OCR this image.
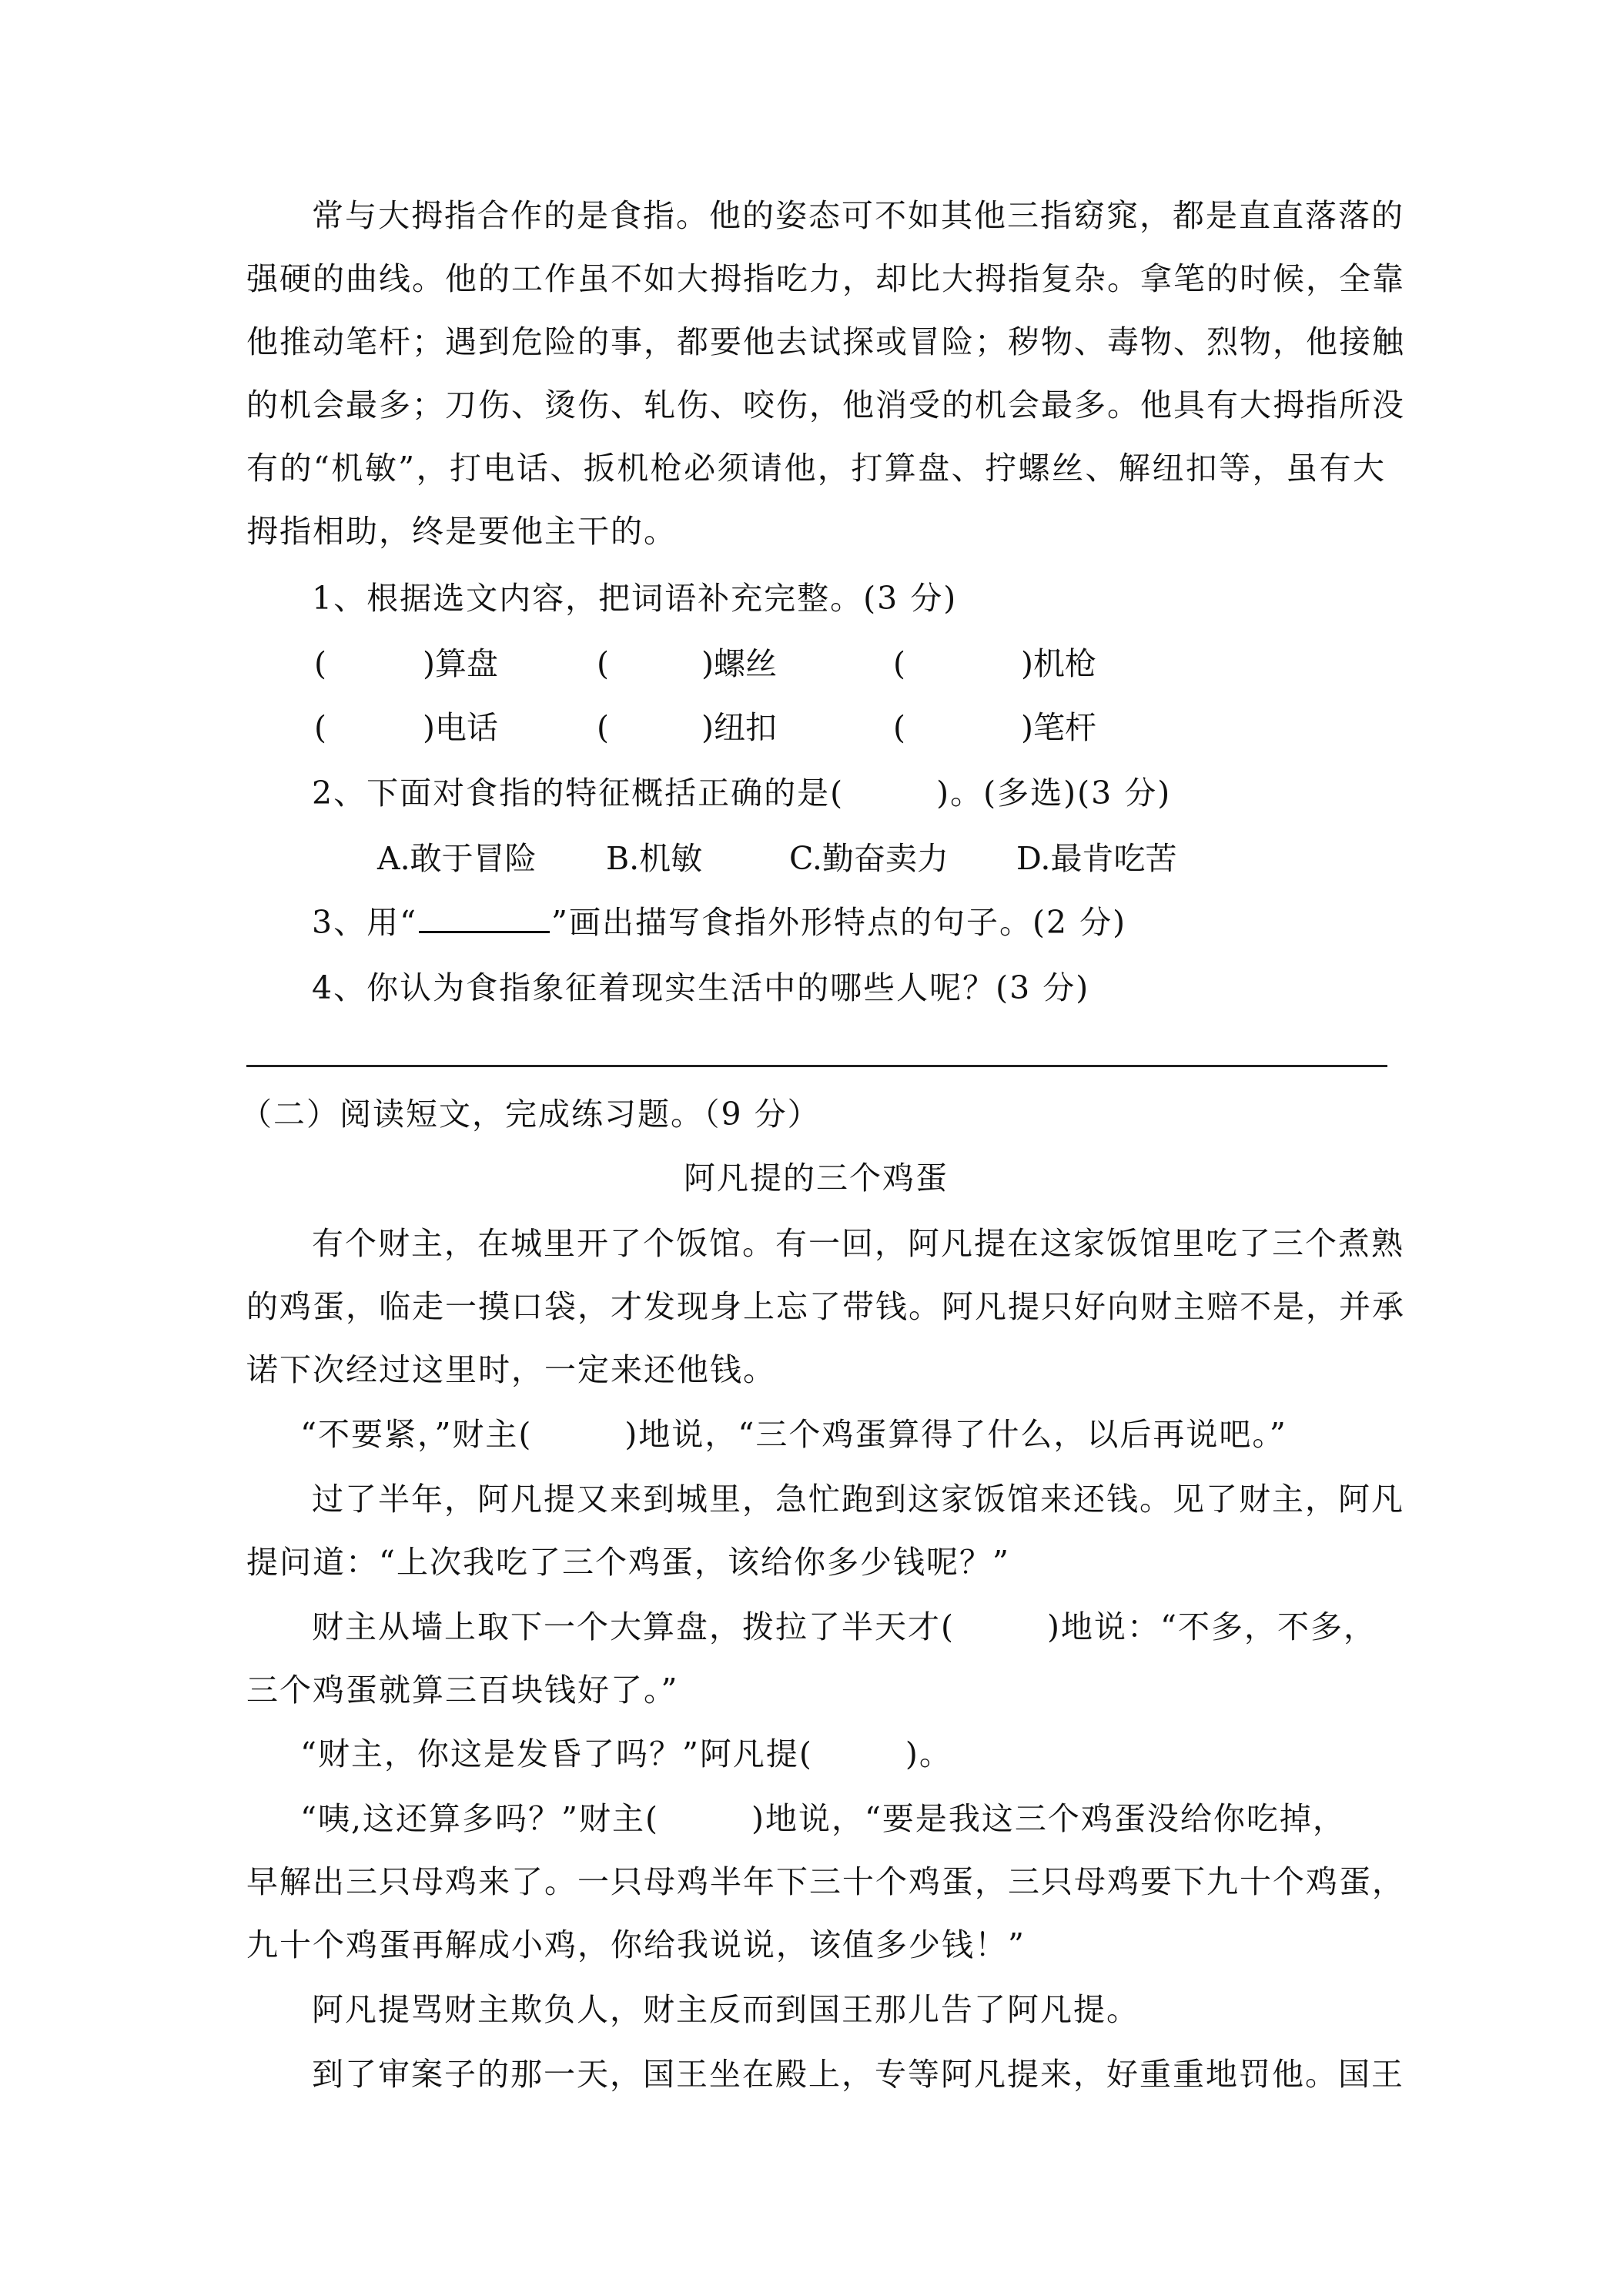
常与大拇指合作的是食指。他的姿态可不如其他三指窈窕，都是直直落落的
强硬的曲线。他的工作虽不如大拇指吃力，却比大拇指复杂。拿笔的时候，全靠
他推动笔杆；遇到危险的事，都要他去试探或冒险；秽物、毒物、烈物，他接触
的机会最多；刀伤、烫伤、轧伤、咬伤，他消受的机会最多。他具有大拇指所没
有的“机敏”，打电话、扳机枪必须请他，打算盘、拧螺丝、解纽扣等，虽有大
拇指相助，终是要他主干的。
1、根据选文内容，把词语补充完整。(3 分)
(	)算盘	(	)螺丝	(	)机枪
(	)电话	(	)纽扣	(	)笔杆
2、下面对食指的特征概括正确的是(	)。(多选)(3 分)
A.敢于冒险 B.机敏	C.勤奋卖力 D.最肯吃苦
3、用“	”画出描写食指外形特点的句子。(2 分)
4、你认为食指象征着现实生活中的哪些人呢？(3 分)
（二）阅读短文，完成练习题。（9 分）
阿凡提的三个鸡蛋
有个财主，在城里开了个饭馆。有一回，阿凡提在这家饭馆里吃了三个煮熟
的鸡蛋，临走一摸口袋，才发现身上忘了带钱。阿凡提只好向财主赔不是，并承
诺下次经过这里时，一定来还他钱。
“不要紧，”财主(	)地说，“三个鸡蛋算得了什么，以后再说吧。”
过了半年，阿凡提又来到城里，急忙跑到这家饭馆来还钱。见了财主，阿凡
提问道：“上次我吃了三个鸡蛋，该给你多少钱呢？”
财主从墙上取下一个大算盘，拨拉了半天才(	)地说：“不多，不多，
三个鸡蛋就算三百块钱好了。”
“财主，你这是发昏了吗？”阿凡提(	)。
“咦,这还算多吗？”财主(	)地说，“要是我这三个鸡蛋没给你吃掉，
早解出三只母鸡来了。一只母鸡半年下三十个鸡蛋，三只母鸡要下九十个鸡蛋，
九十个鸡蛋再解成小鸡，你给我说说，该值多少钱！”
阿凡提骂财主欺负人，财主反而到国王那儿告了阿凡提。
到了审案子的那一天，国王坐在殿上，专等阿凡提来，好重重地罚他。国王
